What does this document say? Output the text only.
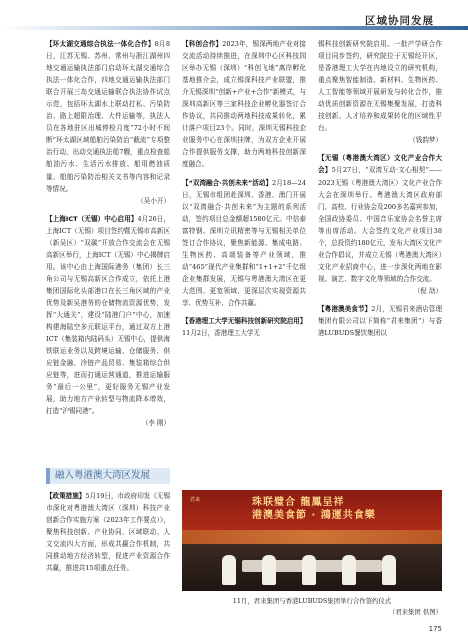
区域协同发展
【环太湖交通综合执法一体化合作】8月8日，江苏无锡、苏州、常州与浙江湖州四地交通运输执法部门启动环太湖交通综合执法一体化合作，四地交通运输执法部门联合开展三岛交通运输联合执法协作试点示范，包括环太湖水上联动打私、污染防治、路上超限治理、大件运输等，执法人员在各地驻区出城停检月度“72小时不间断”环太湖区域船舶污染防治“截流”专项整治行动，出动交通执法船7艘，重点检查船舶油污水、生活污水排放、船用燃油质量、船舶污染防治相关文书等内容和记录等情况。
（吴小开）
【上海ICT（无锡）中心启用】4月26日，上海ICT（无锡）项目签约暨无锡市高新区（新吴区）“双碳”开放合作交流会在无锡高新区举行，上海ICT（无锡）中心揭牌启用。该中心由上海国际港务（集团）长三角公司与无锡高新区合作成立，依托上港集团国际化头部港口在长三角区域的产业优势及新吴港务的仓储物流资源优势，发挥“大通关”，建设“陆港门户”中心，加速构建海陆空多元联运平台，通过双方上港ICT（集装箱内陆码头）无锡中心，提供海铁联运业务以及跨境运输、仓储服务、供应链金融、冷链产品贸易、集装箱综合供应链等，进而打通运营通道，推进运输服务“最后一公里”，更好服务无锡产业发展，助力地方产业转型与物流降本增效，打造“沪锡同港”。
（李 刚）
融入粤港澳大湾区发展
【政策措施】5月19日，市政府印发《无锡市深化对粤港澳大湾区（深圳）科技产业创新合作实施方案（2023年工作要点）》，聚焦科技创新、产业协同、区域联动、人文交流四大方面，形成共赢合作机制，共同推动地方经济转型，促进产业资源合作共赢，推进共15项重点任务。
【科创合作】2023年，锡深两地产业对接交流活动持续推进，在深圳中心区科技园区举办无锡（深圳）“科创飞地”离岸孵化基地推介会，成立锡深科技产业联盟，推介无锡深圳“创新+产业+合作”新模式，与深圳高新区等三家科技企业孵化器签订合作协议，共同推动两地科技成果转化，累计落户项目23个。同时，深圳无锡科技企业服务中心在深圳挂牌，为双方企业开展合作提供服务支撑，助力两地科技创新深度融合。
【“双湾融合·共创未来”活动】2月18—24日，无锡市组团赴深圳、香港、澳门开展以“双湾融合·共创未来”为主题的系列活动，签约项目总金额超1580亿元。中信泰富特钢、深圳立讯精密等与无锡相关单位签订合作协议，聚焦新能源、集成电路、生物医药、高端装备等产业领域，推动“465”现代产业集群和“1+1+2”千亿级企业集群发展，无锡与粤港澳大湾区在更大范围、更宽领域、更深层次实现资源共享、优势互补、合作共赢。
【香港理工大学无锡科技创新研究院启用】11月2日，香港理工大学无
锡科技创新研究院启用。一批产学研合作项目同步签约，研究院位于无锡经开区，是香港理工大学在内地设立的研究机构，重点聚焦智能制造、新材料、生物医药、人工智能等领域开展研发与转化合作，推动优质创新资源在无锡集聚发展，打造科技创新、人才培养和成果转化的区域性平台。
（钱韵梦）
【无锡（粤港澳大湾区）文化产业合作大会】5月27日，“双湾互动·文心相契”——2023无锡（粤港澳大湾区）文化产业合作大会在深圳举行。粤港澳大湾区政府部门、高校、行业协会及200多名嘉宾参加，全国政协委员、中国音乐家协会名誉主席等出席活动。大会签约文化产业项目38个，总投资约180亿元，发布大湾区文化产业合作倡议，并成立无锡（粤港澳大湾区）文化产业招商中心，进一步深化两地在影视、演艺、数字文化等领域的合作交流。
（倪 劼）
【粤港澳美食节】2月，无锡君来酒店管理集团有限公司以下简称“君来集团”）与香港LUBUDS餐饮集团以
君来	珠联璧合 龍鳳呈祥
港澳美食節 · 鴻運共食樂
11月，君来集团与香港LUBUDS集团举行合作签约仪式
（君来集团 供图）
175
